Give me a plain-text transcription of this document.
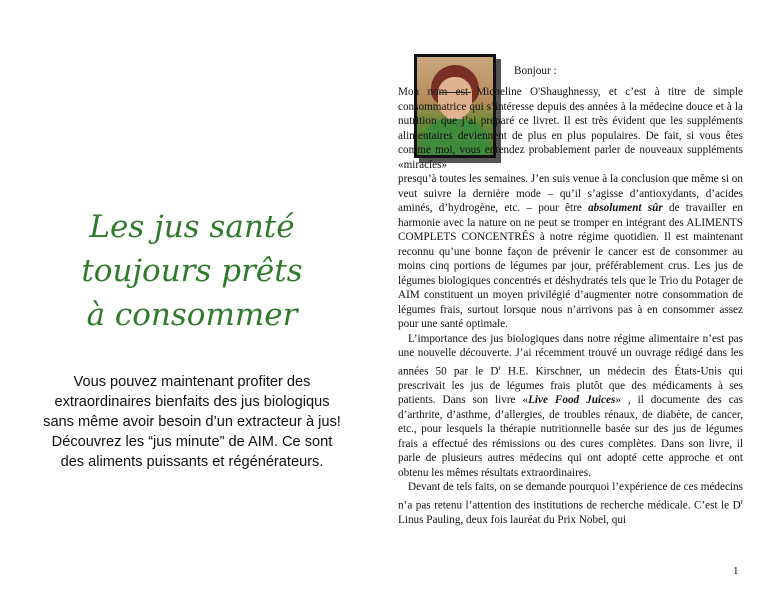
Les jus santé
toujours prêts
à consommer
Vous pouvez maintenant profiter des extraordinaires bienfaits des jus biologiqus sans même avoir besoin d’un extracteur à jus! Découvrez les “jus minute” de AIM. Ce sont des aliments puissants et régénérateurs.
Bonjour :

Mon nom est Micheline O'Shaughnessy, et c’est à titre de simple consommatrice qui s’intéresse depuis des années à la médecine douce et à la nutrition que j’ai préparé ce livret. Il est très évident que les suppléments alimentaires deviennent de plus en plus populaires. De fait, si vous êtes comme moi, vous entendez probablement parler de nouveaux suppléments «miracles»

presqu’à toutes les semaines. J’en suis venue à la conclusion que même si on veut suivre la dernière mode – qu’il s’agisse d’antioxydants, d’acides aminés, d’hydrogène, etc. – pour être absolument sûr de travailler en harmonie avec la nature on ne peut se tromper en intégrant des ALIMENTS COMPLETS CONCENTRÉS à notre régime quotidien. Il est maintenant reconnu qu’une bonne façon de prévenir le cancer est de consommer au moins cinq portions de légumes par jour, préférablement crus. Les jus de légumes biologiques concentrés et déshydratés tels que le Trio du Potager de AIM constituent un moyen privilégié d’augmenter notre consommation de légumes frais, surtout lorsque nous n’arrivons pas à en consommer assez pour une santé optimale.

L’importance des jus biologiques dans notre régime alimentaire n’est pas une nouvelle découverte. J’ai récemment trouvé un ouvrage rédigé dans les années 50 par le $D^r$ H.E. Kirschner, un médecin des États-Unis qui prescrivait les jus de légumes frais plutôt que des médicaments à ses patients. Dans son livre «Live Food Juices» , il documente des cas d’arthrite, d’asthme, d’allergies, de troubles rénaux, de diabète, de cancer, etc., pour lesquels la thérapie nutritionnelle basée sur des jus de légumes frais a effectué des rémissions ou des cures complètes. Dans son livre, il parle de plusieurs autres médecins qui ont adopté cette approche et ont obtenu les mêmes résultats extraordinaires.

Devant de tels faits, on se demande pourquoi l’expérience de ces médecins n’a pas retenu l’attention des institutions de recherche médicale. C’est le $D^r$ Linus Pauling, deux fois lauréat du Prix Nobel, qui

1
